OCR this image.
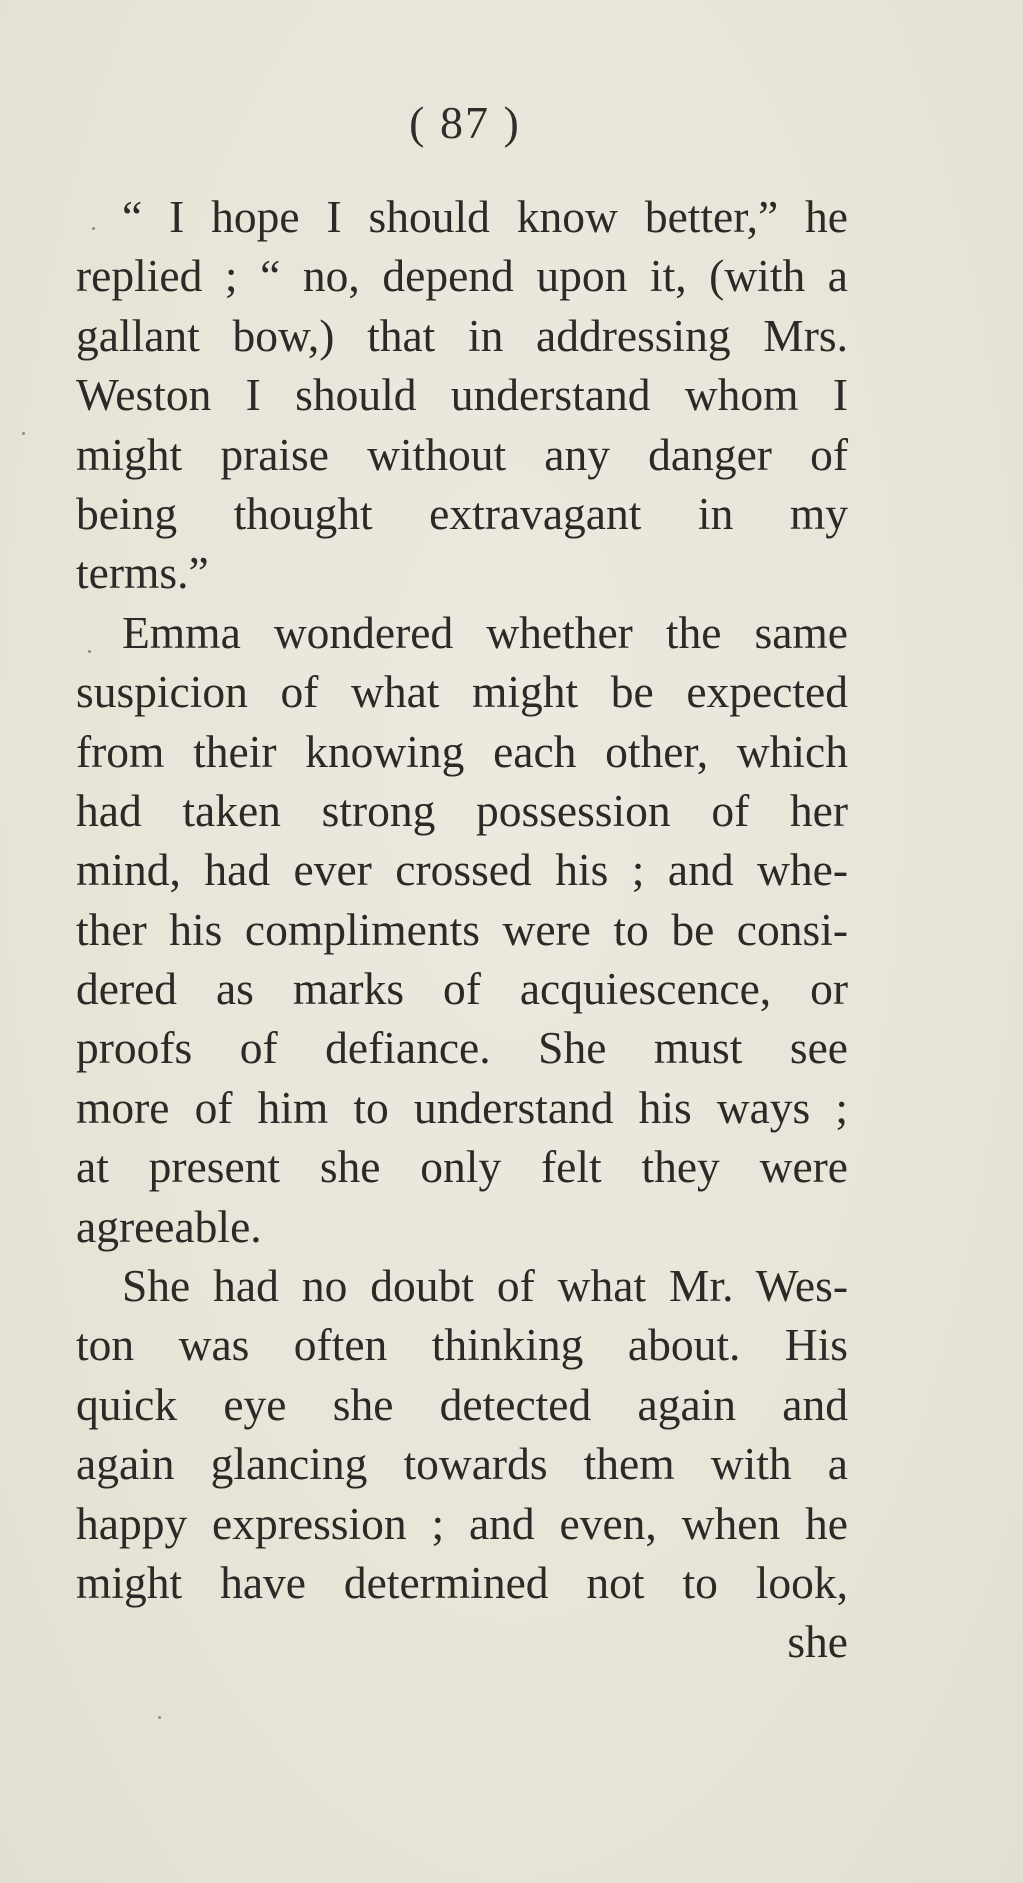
( 87 )
“ I hope I should know better,” he
replied ; “ no, depend upon it, (with a
gallant bow,) that in addressing Mrs.
Weston I should understand whom I
might praise without any danger of
being thought extravagant in my
terms.”
Emma wondered whether the same
suspicion of what might be expected
from their knowing each other, which
had taken strong possession of her
mind, had ever crossed his ; and whe-
ther his compliments were to be consi-
dered as marks of acquiescence, or
proofs of defiance. She must see
more of him to understand his ways ;
at present she only felt they were
agreeable.
She had no doubt of what Mr. Wes-
ton was often thinking about. His
quick eye she detected again and
again glancing towards them with a
happy expression ; and even, when he
might have determined not to look,
she
